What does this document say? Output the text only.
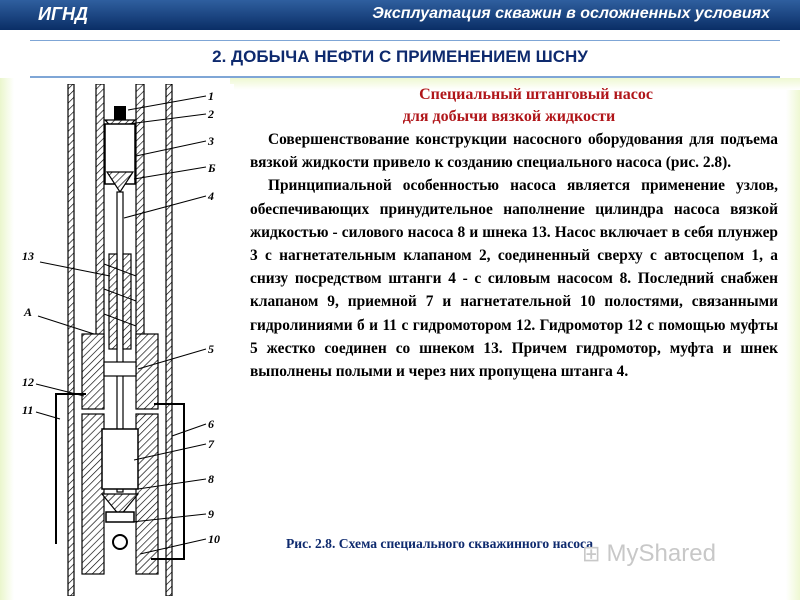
ИГНД	Эксплуатация скважин в осложненных условиях
2. ДОБЫЧА НЕФТИ С ПРИМЕНЕНИЕМ ШСНУ
1
2
3
Б
4
5
6
7
8
9
10
13
А
12
11

Специальный штанговый насос

для добычи вязкой жидкости

Совершенствование конструкции насосного оборудования для подъема вязкой жидкости привело к созданию специального насоса (рис. 2.8).

Принципиальной особенностью насоса является применение узлов, обеспечивающих принудительное наполнение цилиндра насоса вязкой жидкостью - силового насоса 8 и шнека 13. Насос включает в себя плунжер 3 с нагнетательным клапаном 2, соединенный сверху с автосцепом 1, а снизу посредством штанги 4 - с силовым насосом 8. Последний снабжен клапаном 9, приемной 7 и нагнетательной 10 полостями, связанными гидролиниями б и 11 с гидромотором 12. Гидромотор 12 с помощью муфты 5 жестко соединен со шнеком 13. Причем гидромотор, муфта и шнек выполнены полыми и через них пропущена штанга 4.

Рис. 2.8. Схема специального скважинного насоса
⊞ MyShared
